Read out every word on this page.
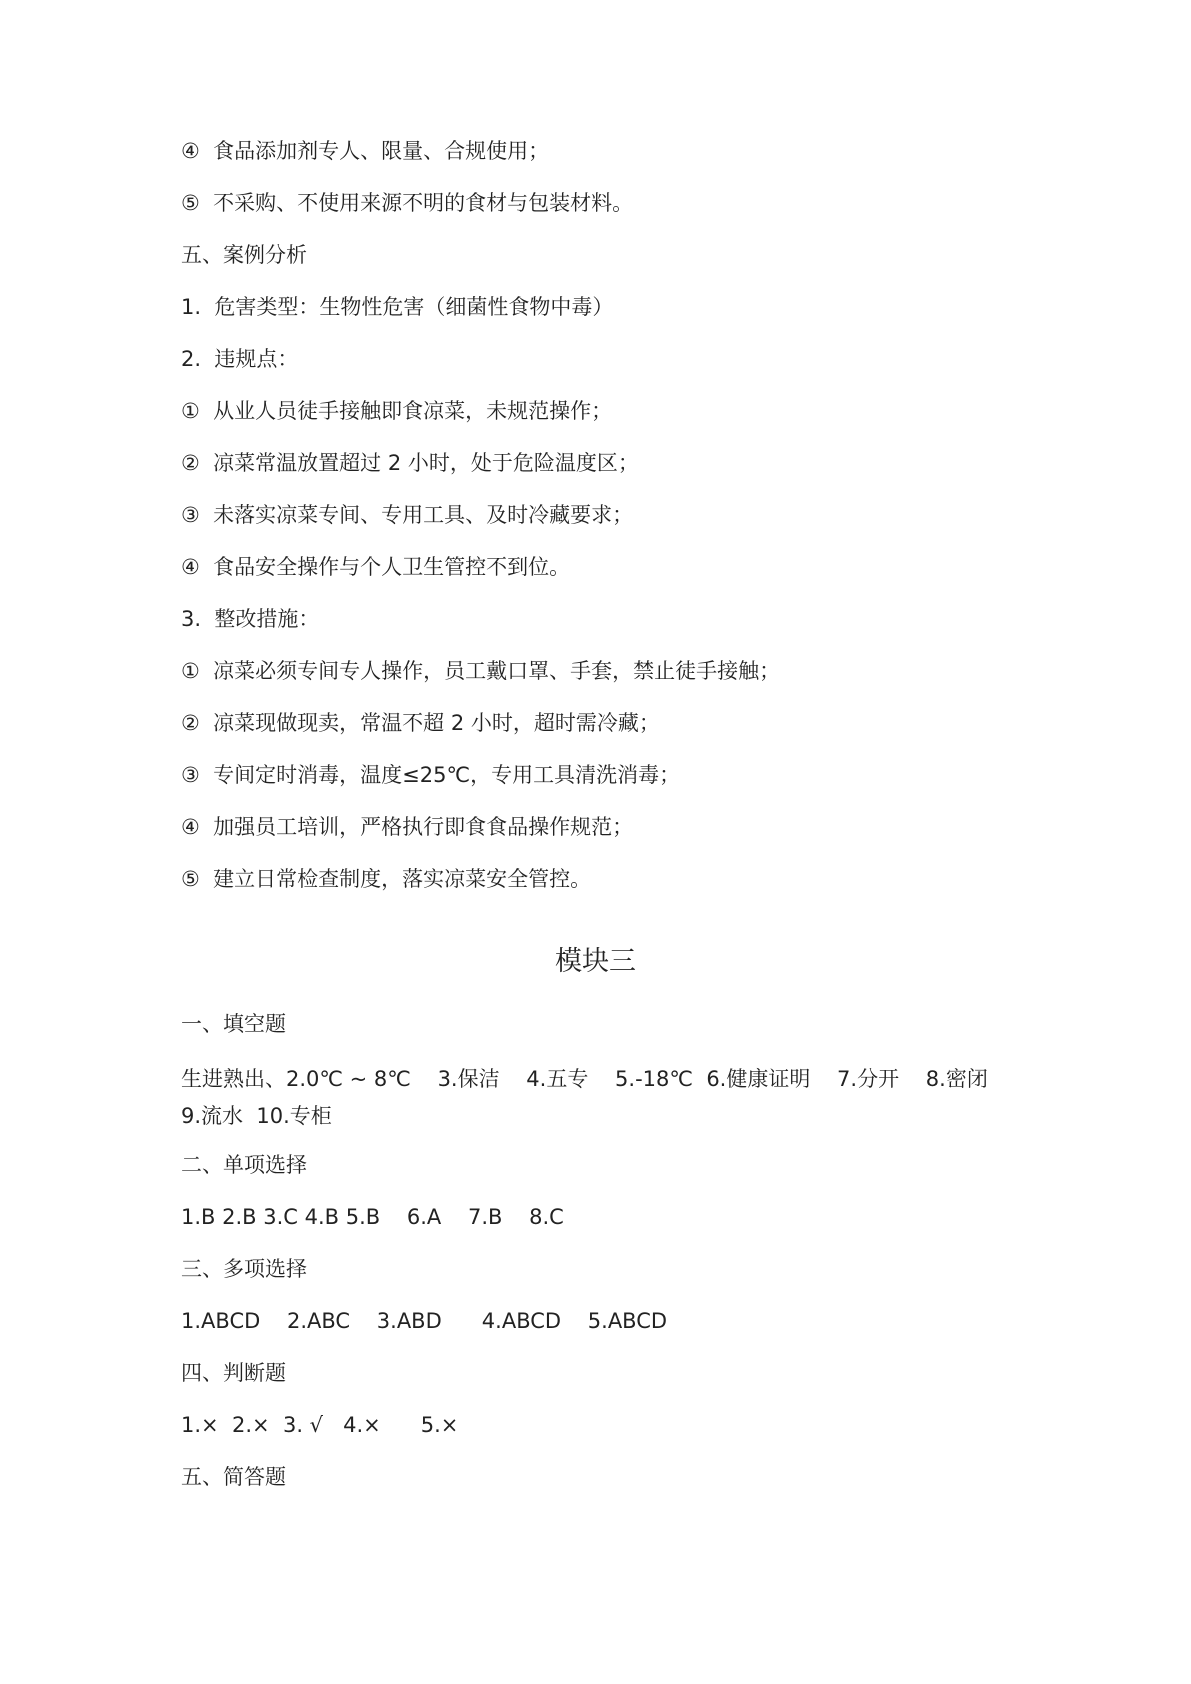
④  食品添加剂专人、限量、合规使用；
⑤  不采购、不使用来源不明的食材与包装材料。
五、案例分析
1.  危害类型：生物性危害（细菌性食物中毒）
2.  违规点：
①  从业人员徒手接触即食凉菜，未规范操作；
②  凉菜常温放置超过 2 小时，处于危险温度区；
③  未落实凉菜专间、专用工具、及时冷藏要求；
④  食品安全操作与个人卫生管控不到位。
3.  整改措施：
①  凉菜必须专间专人操作，员工戴口罩、手套，禁止徒手接触；
②  凉菜现做现卖，常温不超 2 小时，超时需冷藏；
③  专间定时消毒，温度≤25℃，专用工具清洗消毒；
④  加强员工培训，严格执行即食食品操作规范；
⑤  建立日常检查制度，落实凉菜安全管控。
模块三
一、填空题
生进熟出、2.0℃ ~ 8℃    3.保洁    4.五专    5.-18℃  6.健康证明    7.分开    8.密闭    9.流水  10.专柜
二、单项选择
1.B 2.B 3.C 4.B 5.B    6.A    7.B    8.C
三、多项选择
1.ABCD    2.ABC    3.ABD      4.ABCD    5.ABCD
四、判断题
1.×  2.×  3. √   4.×      5.×
五、简答题
